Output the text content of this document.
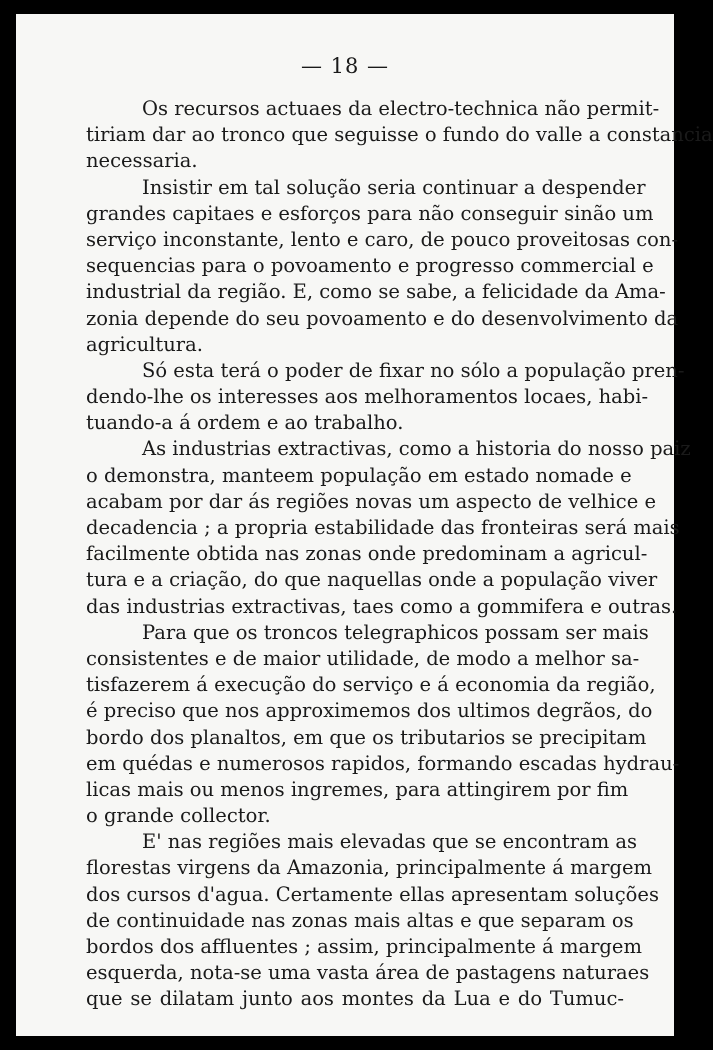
— 18 —
Os recursos actuaes da electro-technica não permit-
tiriam dar ao tronco que seguisse o fundo do valle a constancia
necessaria.
Insistir em tal solução seria continuar a despender
grandes capitaes e esforços para não conseguir sinão um
serviço inconstante, lento e caro, de pouco proveitosas con-
sequencias para o povoamento e progresso commercial e
industrial da região. E, como se sabe, a felicidade da Ama-
zonia depende do seu povoamento e do desenvolvimento da
agricultura.
Só esta terá o poder de fixar no sólo a população pren-
dendo-lhe os interesses aos melhoramentos locaes, habi-
tuando-a á ordem e ao trabalho.
As industrias extractivas, como a historia do nosso paiz
o demonstra, manteem população em estado nomade e
acabam por dar ás regiões novas um aspecto de velhice e
decadencia ; a propria estabilidade das fronteiras será mais
facilmente obtida nas zonas onde predominam a agricul-
tura e a criação, do que naquellas onde a população viver
das industrias extractivas, taes como a gommifera e outras.
Para que os troncos telegraphicos possam ser mais
consistentes e de maior utilidade, de modo a melhor sa-
tisfazerem á execução do serviço e á economia da região,
é preciso que nos approximemos dos ultimos degrãos, do
bordo dos planaltos, em que os tributarios se precipitam
em quédas e numerosos rapidos, formando escadas hydrau-
licas mais ou menos ingremes, para attingirem por fim
o grande collector.
E' nas regiões mais elevadas que se encontram as
florestas virgens da Amazonia, principalmente á margem
dos cursos d'agua. Certamente ellas apresentam soluções
de continuidade nas zonas mais altas e que separam os
bordos dos affluentes ; assim, principalmente á margem
esquerda, nota-se uma vasta área de pastagens naturaes
que se dilatam junto aos montes da Lua e do Tumuc-
